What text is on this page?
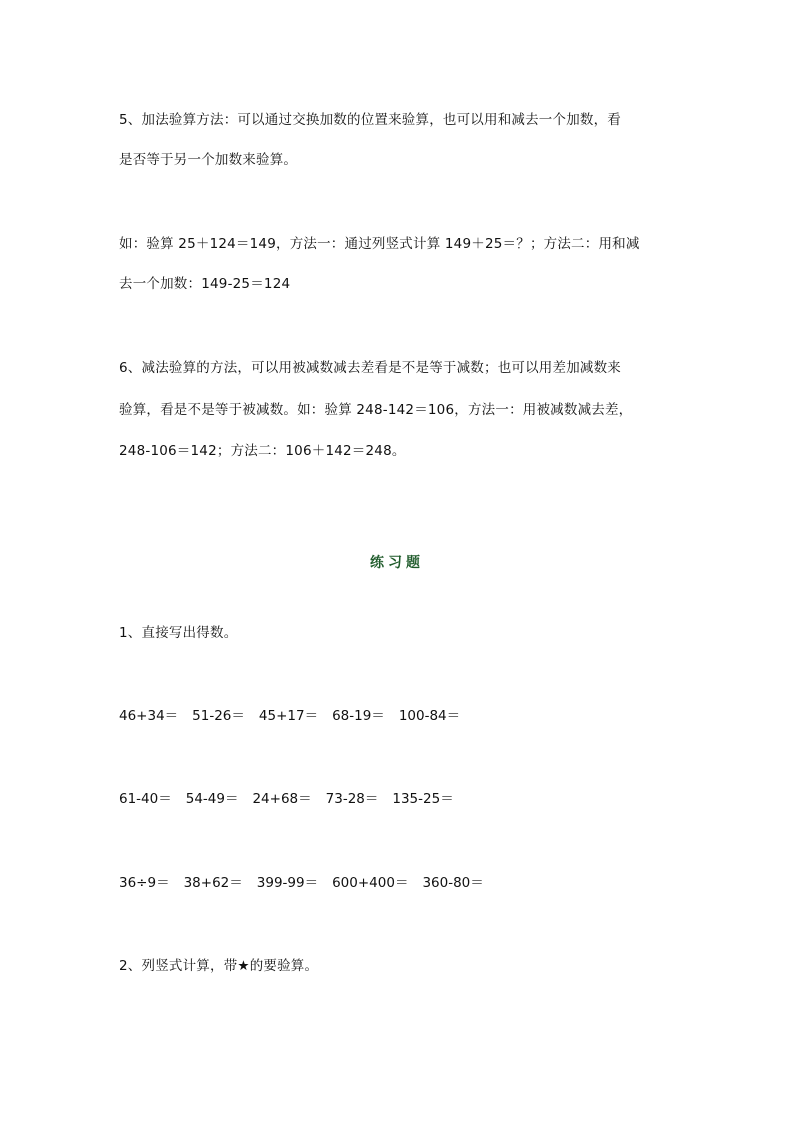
5、加法验算方法：可以通过交换加数的位置来验算，也可以用和减去一个加数，看
是否等于另一个加数来验算。
如：验算 25＋124＝149，方法一：通过列竖式计算 149＋25＝？；方法二：用和减
去一个加数：149-25＝124
6、减法验算的方法，可以用被减数减去差看是不是等于减数；也可以用差加减数来
验算，看是不是等于被减数。如：验算 248-142＝106，方法一：用被减数减去差，
248-106＝142；方法二：106＋142＝248。
练习题
1、直接写出得数。
46+34＝ 51-26＝ 45+17＝ 68-19＝ 100-84＝
61-40＝ 54-49＝ 24+68＝ 73-28＝ 135-25＝
36÷9＝ 38+62＝ 399-99＝ 600+400＝ 360-80＝
2、列竖式计算，带★的要验算。
